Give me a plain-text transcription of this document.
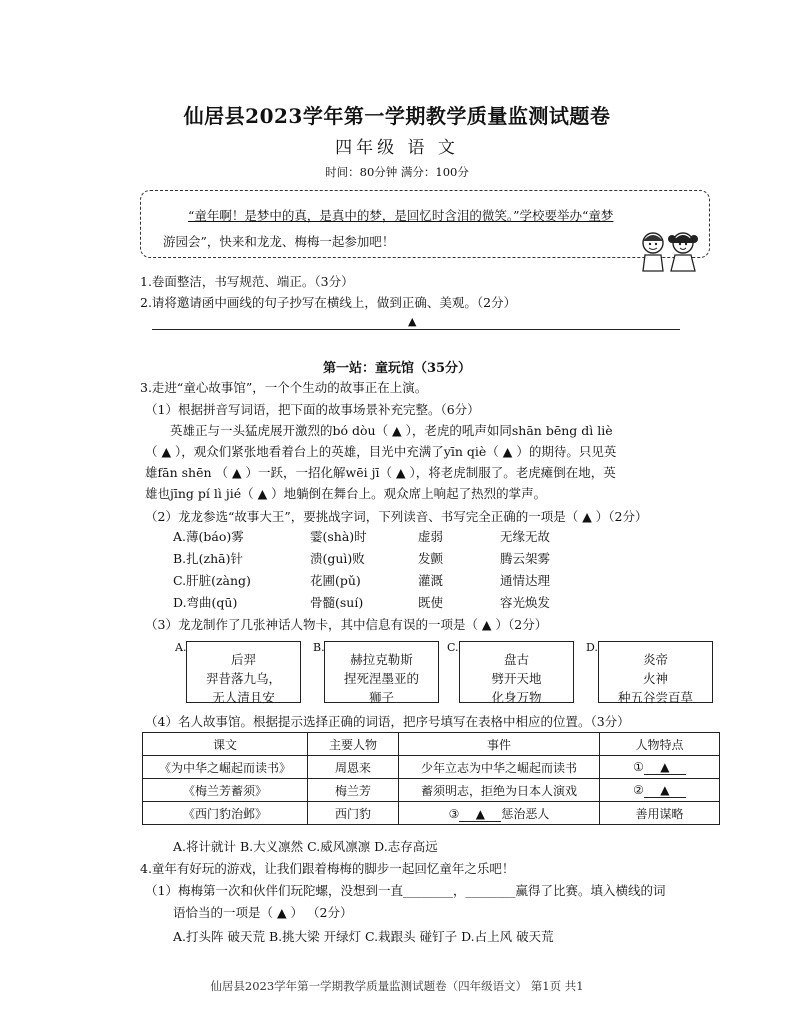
仙居县2023学年第一学期教学质量监测试题卷
四年级 语 文
时间：80分钟 满分：100分
“童年啊！是梦中的真，是真中的梦，是回忆时含泪的微笑。”学校要举办“童梦
游园会”，快来和龙龙、梅梅一起参加吧！
1.卷面整洁，书写规范、端正。（3分）
2.请将邀请函中画线的句子抄写在横线上，做到正确、美观。（2分）
▲
第一站：童玩馆（35分）
3.走进“童心故事馆”，一个个生动的故事正在上演。
（1）根据拼音写词语，把下面的故事场景补充完整。（6分）
英雄正与一头猛虎展开激烈的bó dòu（ ▲ ），老虎的吼声如同shān bēng dì liè
（ ▲ ），观众们紧张地看着台上的英雄，目光中充满了yīn qiè（ ▲ ）的期待。只见英
雄fān shēn （ ▲ ）一跃，一招化解wēi jī（ ▲ ），将老虎制服了。老虎瘫倒在地，英
雄也jīng pí lì jié（ ▲ ）地躺倒在舞台上。观众席上响起了热烈的掌声。
（2）龙龙参选“故事大王”，要挑战字词，下列读音、书写完全正确的一项是（ ▲ ）（2分）
A.薄(báo)雾	霎(shà)时	虚弱	无缘无故
B.扎(zhā)针	溃(guì)败	发颤	腾云架雾
C.肝脏(zàng)	花圃(pǔ)	灌溉	通情达理
D.弯曲(qū)	骨髓(suí)	既使	容光焕发
（3）龙龙制作了几张神话人物卡，其中信息有误的一项是（ ▲ ）（2分）
A.
后羿
羿昔落九乌，
无人清且安
B.
赫拉克勒斯
捏死涅墨亚的
狮子
C.
盘古
劈开天地
化身万物
D.
炎帝
火神
种五谷尝百草
（4）名人故事馆。根据提示选择正确的词语，把序号填写在表格中相应的位置。（3分）
课文	主要人物	事件	人物特点
《为中华之崛起而读书》	周恩来	少年立志为中华之崛起而读书	① ▲
《梅兰芳蓄须》	梅兰芳	蓄须明志，拒绝为日本人演戏	② ▲
《西门豹治邺》	西门豹	③ ▲ 惩治恶人	善用谋略
A.将计就计 B.大义凛然 C.威风凛凛 D.志存高远
4.童年有好玩的游戏，让我们跟着梅梅的脚步一起回忆童年之乐吧！
（1）梅梅第一次和伙伴们玩陀螺，没想到一直________，________赢得了比赛。填入横线的词
语恰当的一项是（ ▲ ） （2分）
A.打头阵 破天荒 B.挑大梁 开绿灯 C.栽跟头 碰钉子 D.占上风 破天荒
仙居县2023学年第一学期教学质量监测试题卷（四年级语文） 第1页 共1
